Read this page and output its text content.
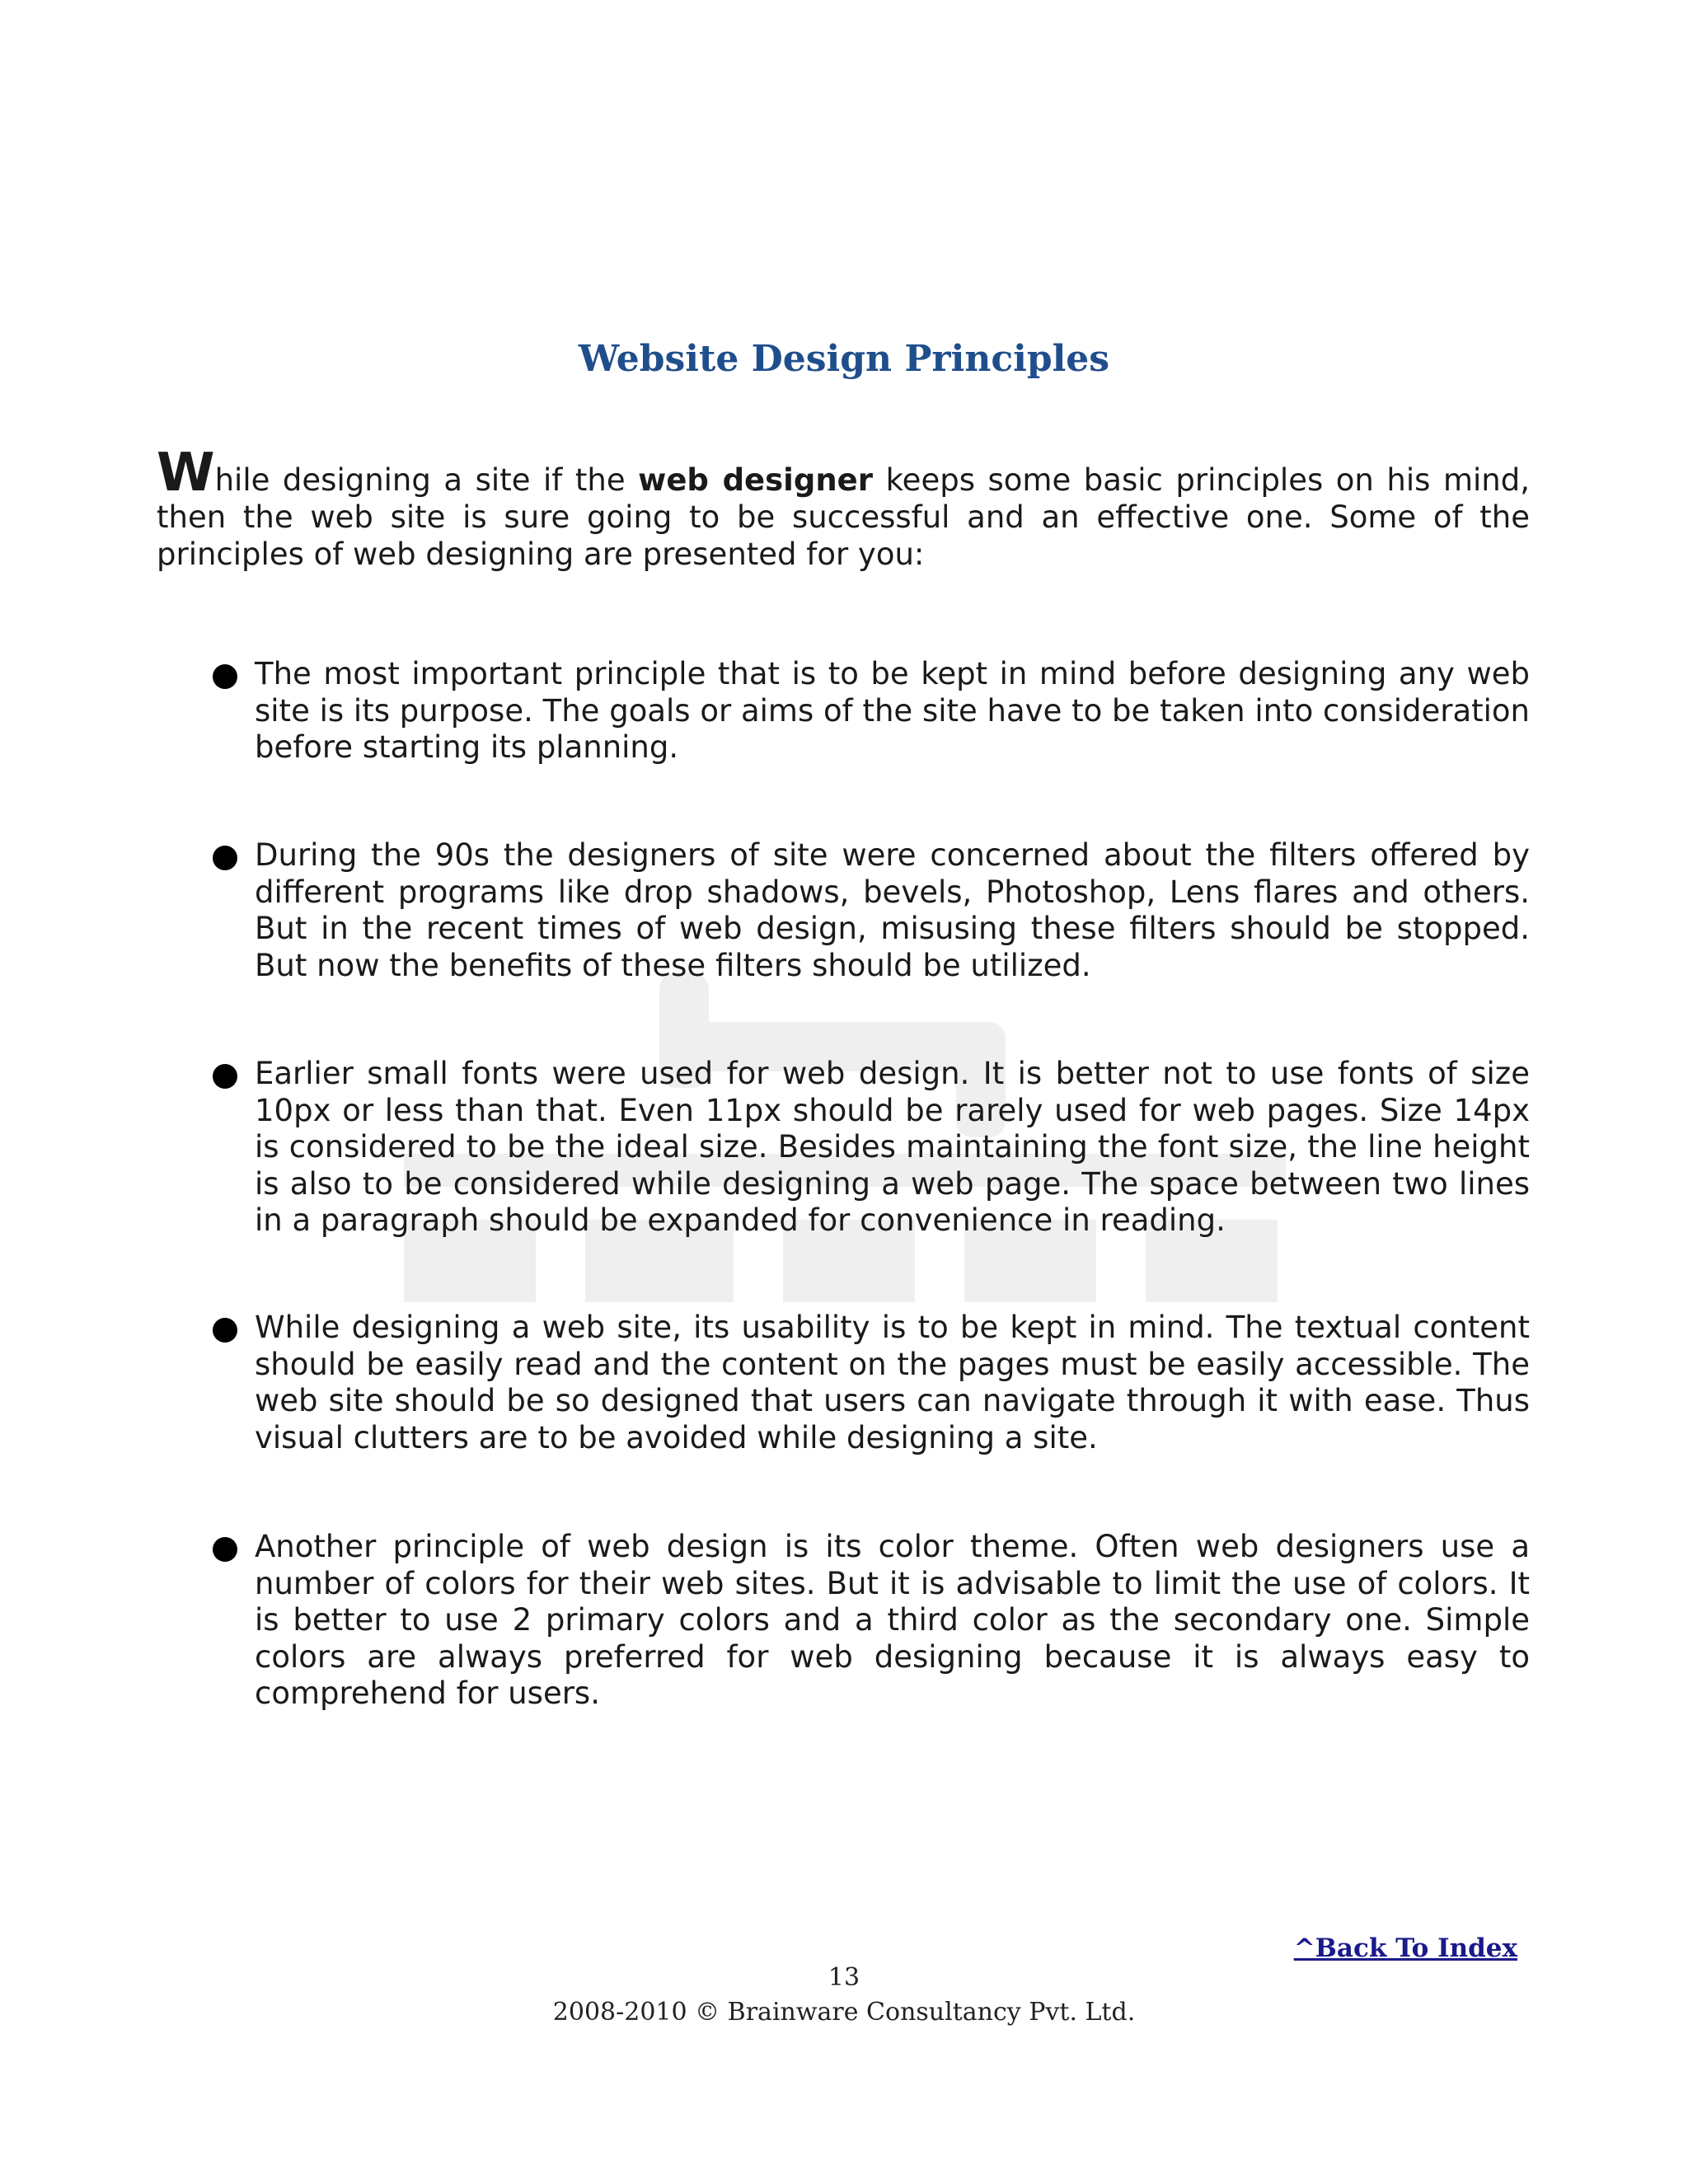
Website Design Principles
While designing a site if the web designer keeps some basic principles on his mind, then the web site is sure going to be successful and an effective one. Some of the principles of web designing are presented for you:
The most important principle that is to be kept in mind before designing any web site is its purpose. The goals or aims of the site have to be taken into consideration before starting its planning.
During the 90s the designers of site were concerned about the filters offered by different programs like drop shadows, bevels, Photoshop, Lens flares and others. But in the recent times of web design, misusing these filters should be stopped. But now the benefits of these filters should be utilized.
Earlier small fonts were used for web design. It is better not to use fonts of size 10px or less than that. Even 11px should be rarely used for web pages. Size 14px is considered to be the ideal size. Besides maintaining the font size, the line height is also to be considered while designing a web page. The space between two lines in a paragraph should be expanded for convenience in reading.
While designing a web site, its usability is to be kept in mind. The textual content should be easily read and the content on the pages must be easily accessible. The web site should be so designed that users can navigate through it with ease. Thus visual clutters are to be avoided while designing a site.
Another principle of web design is its color theme. Often web designers use a number of colors for their web sites. But it is advisable to limit the use of colors. It is better to use 2 primary colors and a third color as the secondary one. Simple colors are always preferred for web designing because it is always easy to comprehend for users.
^Back To Index
13
2008-2010 © Brainware Consultancy Pvt. Ltd.
